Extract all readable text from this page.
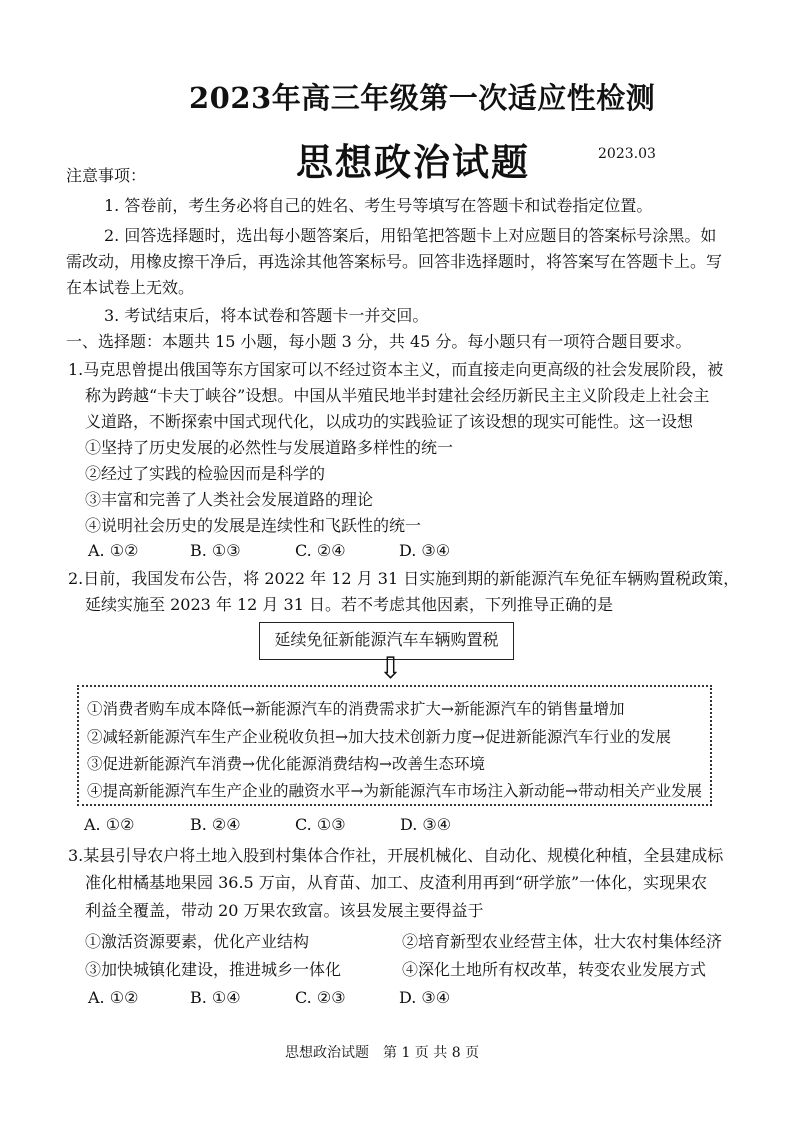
2023年高三年级第一次适应性检测
思想政治试题	2023.03
注意事项：
1. 答卷前，考生务必将自己的姓名、考生号等填写在答题卡和试卷指定位置。
2. 回答选择题时，选出每小题答案后，用铅笔把答题卡上对应题目的答案标号涂黑。如
需改动，用橡皮擦干净后，再选涂其他答案标号。回答非选择题时，将答案写在答题卡上。写
在本试卷上无效。
3. 考试结束后，将本试卷和答题卡一并交回。
一、选择题：本题共 15 小题，每小题 3 分，共 45 分。每小题只有一项符合题目要求。
1.马克思曾提出俄国等东方国家可以不经过资本主义，而直接走向更高级的社会发展阶段，被
称为跨越“卡夫丁峡谷”设想。中国从半殖民地半封建社会经历新民主主义阶段走上社会主
义道路，不断探索中国式现代化，以成功的实践验证了该设想的现实可能性。这一设想
①坚持了历史发展的必然性与发展道路多样性的统一
②经过了实践的检验因而是科学的
③丰富和完善了人类社会发展道路的理论
④说明社会历史的发展是连续性和飞跃性的统一
A. ①②	B. ①③	C. ②④	D. ③④
2.日前，我国发布公告，将 2022 年 12 月 31 日实施到期的新能源汽车免征车辆购置税政策，
延续实施至 2023 年 12 月 31 日。若不考虑其他因素，下列推导正确的是
延续免征新能源汽车车辆购置税
⇩
①消费者购车成本降低→新能源汽车的消费需求扩大→新能源汽车的销售量增加
②减轻新能源汽车生产企业税收负担→加大技术创新力度→促进新能源汽车行业的发展
③促进新能源汽车消费→优化能源消费结构→改善生态环境
④提高新能源汽车生产企业的融资水平→为新能源汽车市场注入新动能→带动相关产业发展
A. ①②	B. ②④	C. ①③	D. ③④
3.某县引导农户将土地入股到村集体合作社，开展机械化、自动化、规模化种植，全县建成标
准化柑橘基地果园 36.5 万亩，从育苗、加工、皮渣利用再到“研学旅”一体化，实现果农
利益全覆盖，带动 20 万果农致富。该县发展主要得益于
①激活资源要素，优化产业结构	②培育新型农业经营主体，壮大农村集体经济
③加快城镇化建设，推进城乡一体化	④深化土地所有权改革，转变农业发展方式
A. ①②	B. ①④	C. ②③	D. ③④
思想政治试题　第 1 页 共 8 页
